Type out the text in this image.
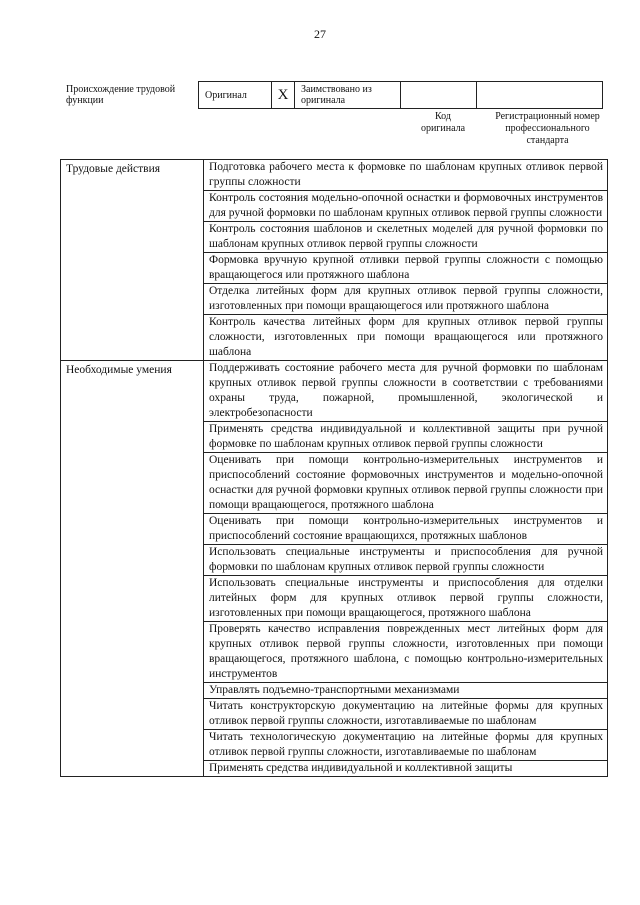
27
Происхождение трудовой функции	Оригинал	X	Заимствовано из оригинала		
Код оригинала
Регистрационный номер профессионального стандарта
Трудовые действия	Подготовка рабочего места к формовке по шаблонам крупных отливок первой группы сложности
	Контроль состояния модельно-опочной оснастки и формовочных инструментов для ручной формовки по шаблонам крупных отливок первой группы сложности
	Контроль состояния шаблонов и скелетных моделей для ручной формовки по шаблонам крупных отливок первой группы сложности
	Формовка вручную крупной отливки первой группы сложности с помощью вращающегося или протяжного шаблона
	Отделка литейных форм для крупных отливок первой группы сложности, изготовленных при помощи вращающегося или протяжного шаблона
	Контроль качества литейных форм для крупных отливок первой группы сложности, изготовленных при помощи вращающегося или протяжного шаблона
Необходимые умения	Поддерживать состояние рабочего места для ручной формовки по шаблонам крупных отливок первой группы сложности в соответствии с требованиями охраны труда, пожарной, промышленной, экологической и электробезопасности
	Применять средства индивидуальной и коллективной защиты при ручной формовке по шаблонам крупных отливок первой группы сложности
	Оценивать при помощи контрольно-измерительных инструментов и приспособлений состояние формовочных инструментов и модельно-опочной оснастки для ручной формовки крупных отливок первой группы сложности при помощи вращающегося, протяжного шаблона
	Оценивать при помощи контрольно-измерительных инструментов и приспособлений состояние вращающихся, протяжных шаблонов
	Использовать специальные инструменты и приспособления для ручной формовки по шаблонам крупных отливок первой группы сложности
	Использовать специальные инструменты и приспособления для отделки литейных форм для крупных отливок первой группы сложности, изготовленных при помощи вращающегося, протяжного шаблона
	Проверять качество исправления поврежденных мест литейных форм для крупных отливок первой группы сложности, изготовленных при помощи вращающегося, протяжного шаблона, с помощью контрольно-измерительных инструментов
	Управлять подъемно-транспортными механизмами
	Читать конструкторскую документацию на литейные формы для крупных отливок первой группы сложности, изготавливаемые по шаблонам
	Читать технологическую документацию на литейные формы для крупных отливок первой группы сложности, изготавливаемые по шаблонам
	Применять средства индивидуальной и коллективной защиты
